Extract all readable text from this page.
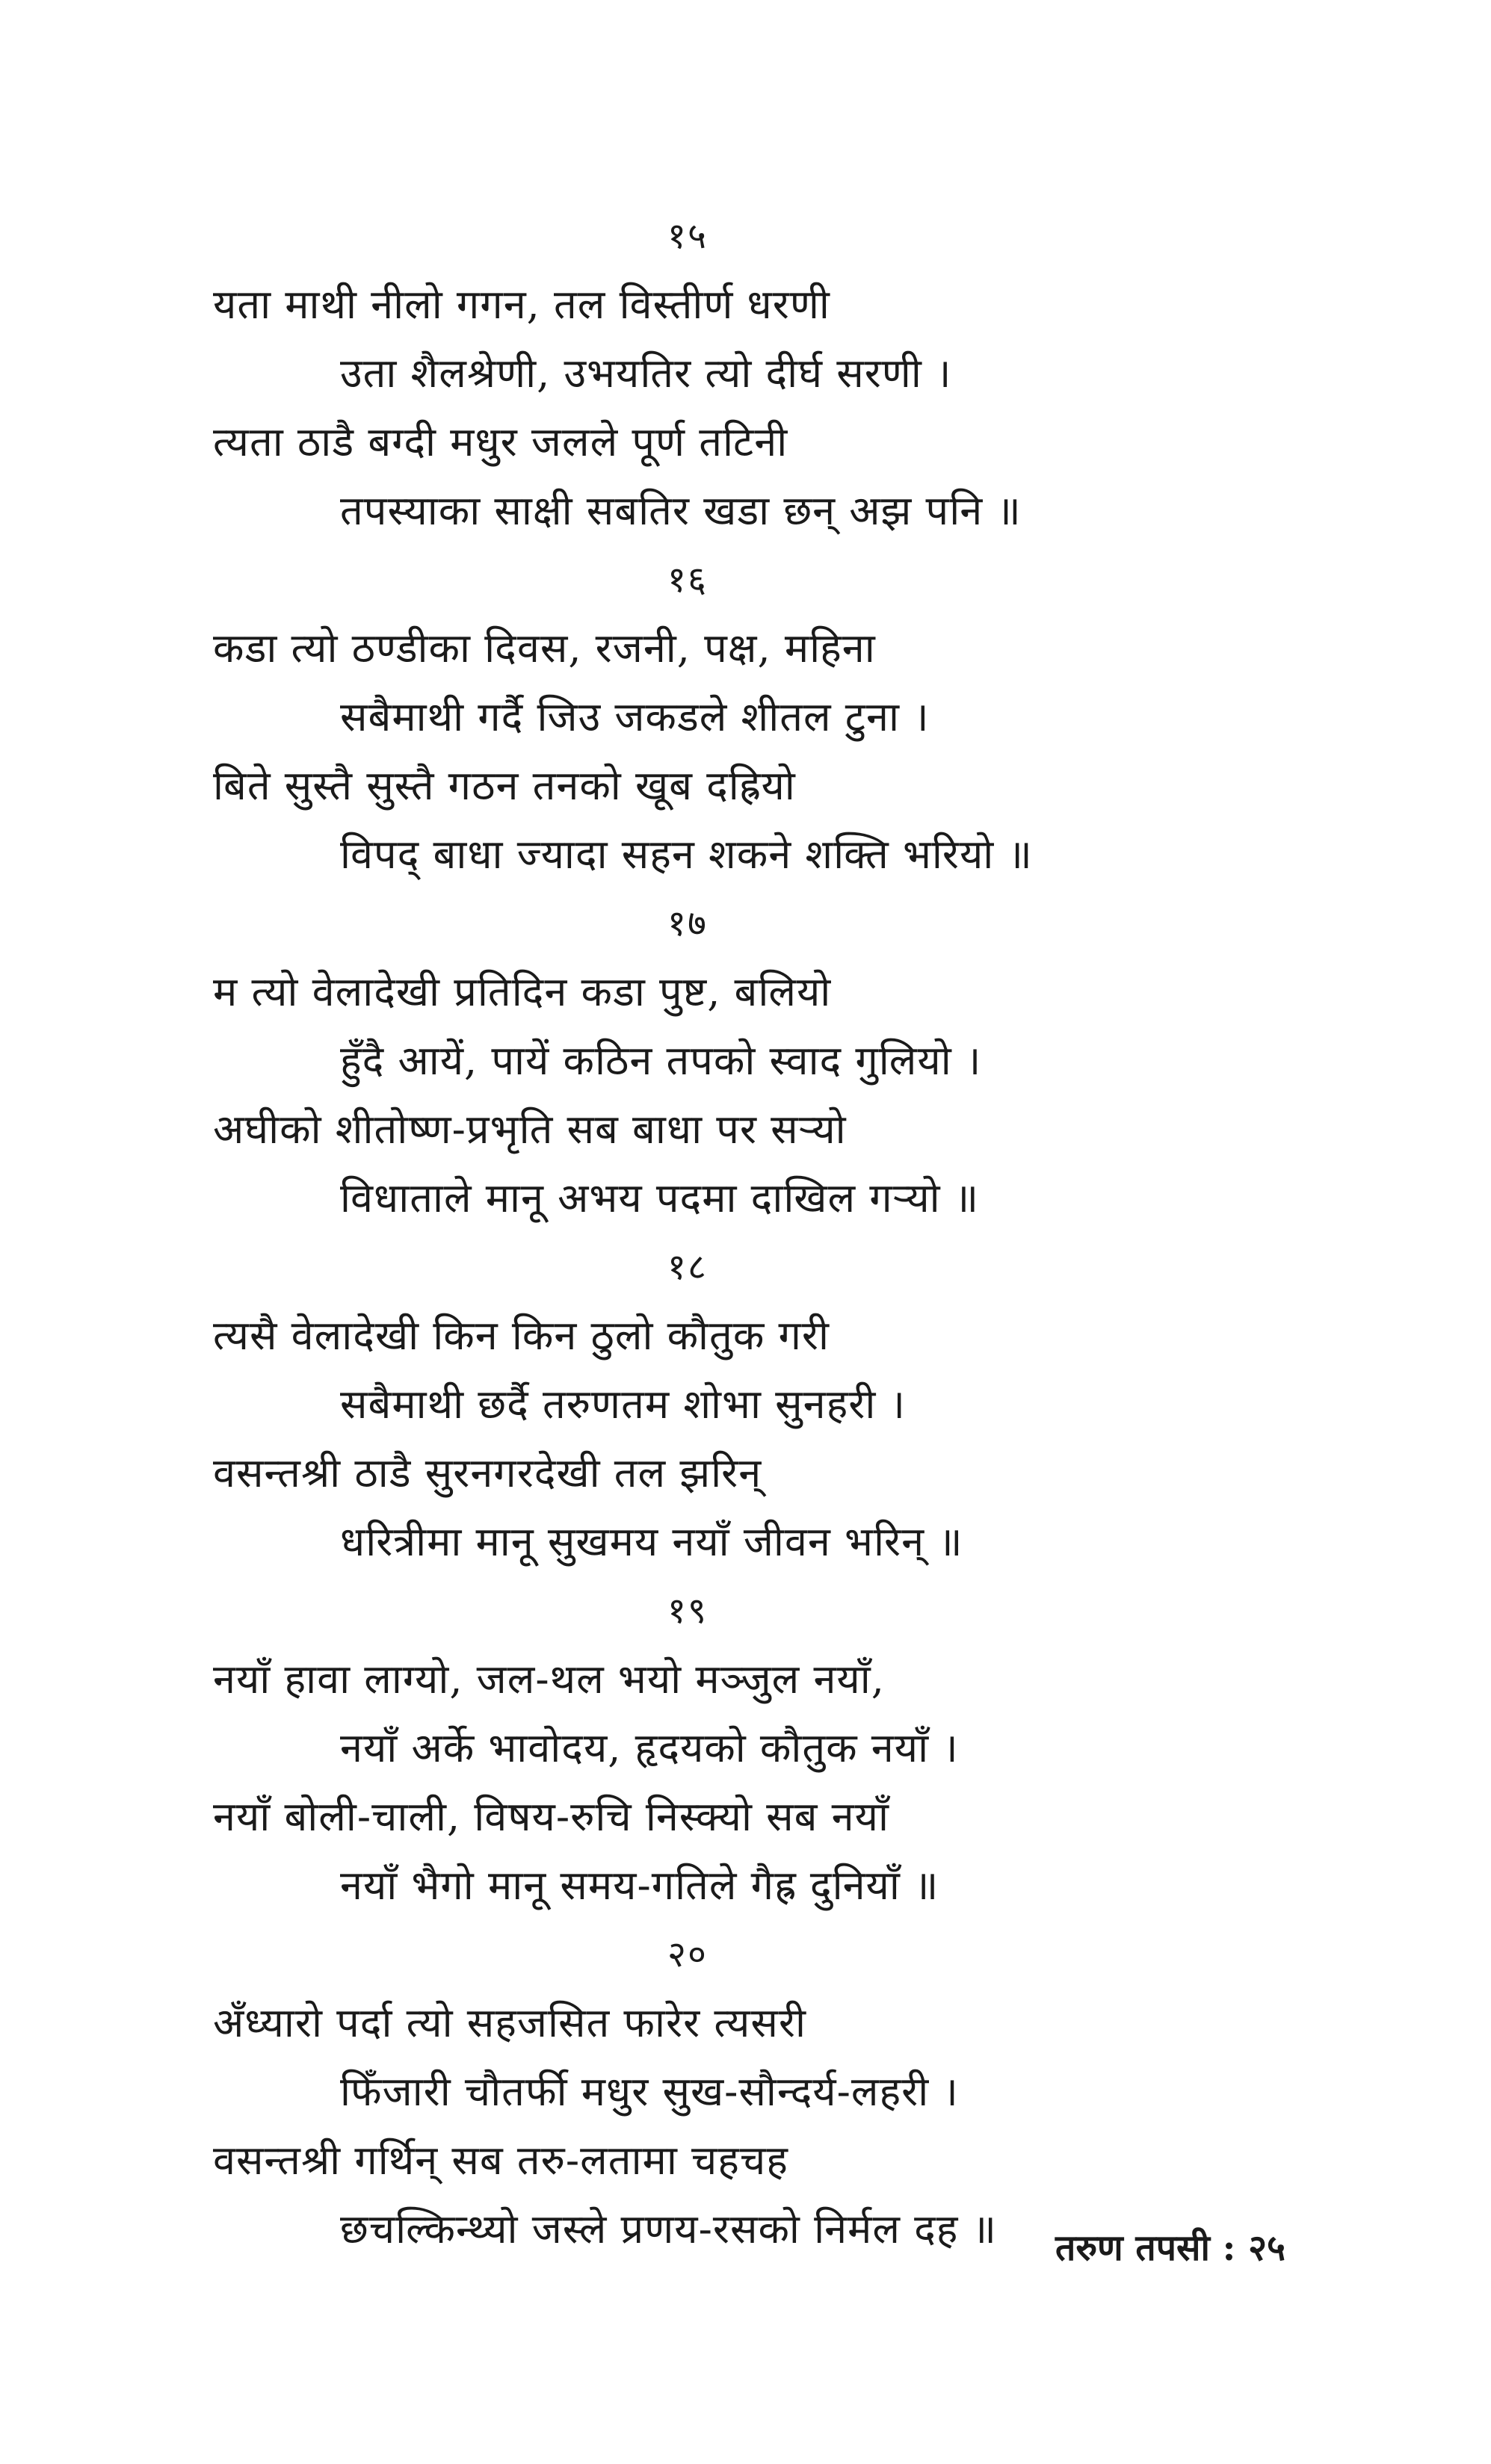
१५
यता माथी नीलो गगन, तल विस्तीर्ण धरणी
उता शैलश्रेणी, उभयतिर त्यो दीर्घ सरणी ।
त्यता ठाडै बग्दी मधुर जलले पूर्ण तटिनी
तपस्याका साक्षी सबतिर खडा छन् अझ पनि ॥
१६
कडा त्यो ठण्डीका दिवस, रजनी, पक्ष, महिना
सबैमाथी गर्दै जिउ जकडले शीतल टुना ।
बिते सुस्तै सुस्तै गठन तनको खूब दह्रियो
विपद् बाधा ज्यादा सहन शकने शक्ति भरियो ॥
१७
म त्यो वेलादेखी प्रतिदिन कडा पुष्ट, बलियो
हुँदै आयें, पायें कठिन तपको स्वाद गुलियो ।
अघीको शीतोष्ण-प्रभृति सब बाधा पर सर्‍यो
विधाताले मानू अभय पदमा दाखिल गर्‍यो ॥
१८
त्यसै वेलादेखी किन किन ठुलो कौतुक गरी
सबैमाथी छर्दै तरुणतम शोभा सुनहरी ।
वसन्तश्री ठाडै सुरनगरदेखी तल झरिन्
धरित्रीमा मानू सुखमय नयाँ जीवन भरिन् ॥
१९
नयाँ हावा लाग्यो, जल-थल भयो मञ्जुल नयाँ,
नयाँ अर्के भावोदय, हृदयको कौतुक नयाँ ।
नयाँ बोली-चाली, विषय-रुचि निस्क्यो सब नयाँ
नयाँ भैगो मानू समय-गतिले गैह्र दुनियाँ ॥
२०
अँध्यारो पर्दा त्यो सहजसित फारेर त्यसरी
फिँजारी चौतर्फी मधुर सुख-सौन्दर्य-लहरी ।
वसन्तश्री गर्थिन् सब तरु-लतामा चहचह
छचल्किन्थ्यो जस्ले प्रणय-रसको निर्मल दह ॥	तरुण तपसी : २५
